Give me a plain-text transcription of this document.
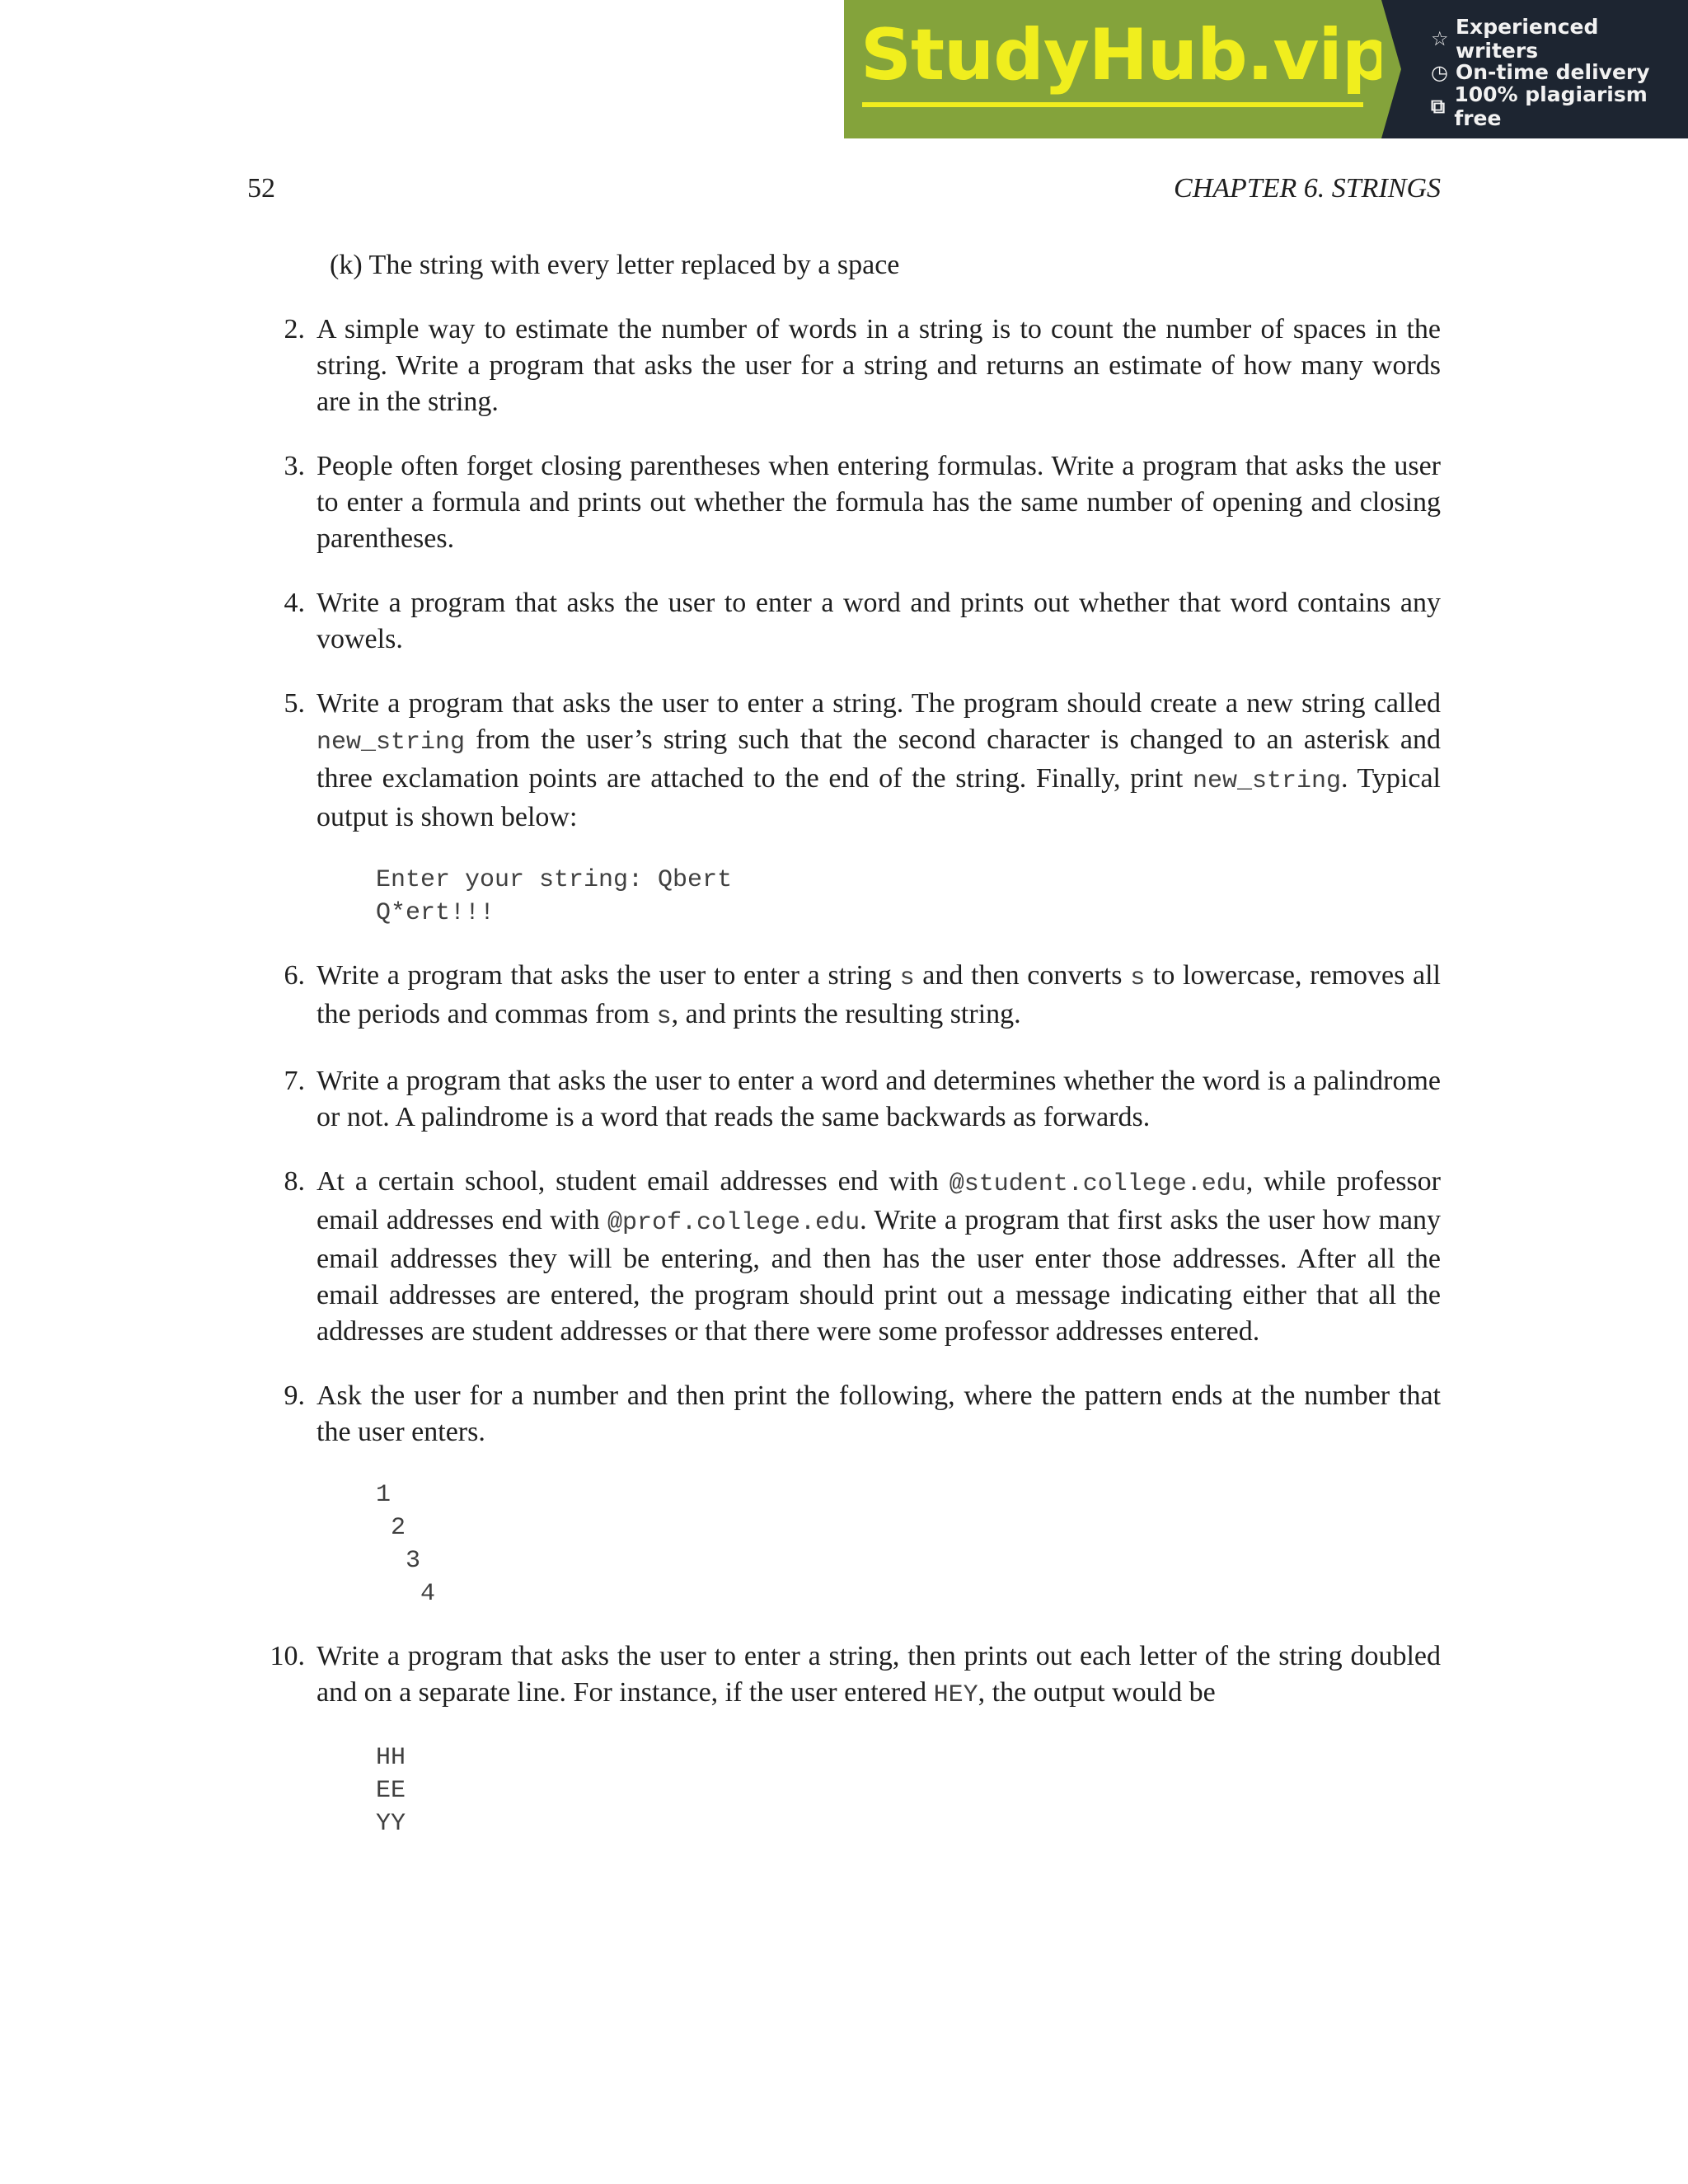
StudyHub.vip ☆ Experienced writers
◷ On-time delivery
⧉ 100% plagiarism free
52	CHAPTER 6. STRINGS
(k) The string with every letter replaced by a space
2. A simple way to estimate the number of words in a string is to count the number of spaces in the string. Write a program that asks the user for a string and returns an estimate of how many words are in the string.
3. People often forget closing parentheses when entering formulas. Write a program that asks the user to enter a formula and prints out whether the formula has the same number of opening and closing parentheses.
4. Write a program that asks the user to enter a word and prints out whether that word contains any vowels.
5. Write a program that asks the user to enter a string. The program should create a new string called new_string from the user’s string such that the second character is changed to an asterisk and three exclamation points are attached to the end of the string. Finally, print new_string. Typical output is shown below:
Enter your string: Qbert
Q*ert!!!
6. Write a program that asks the user to enter a string s and then converts s to lowercase, removes all the periods and commas from s, and prints the resulting string.
7. Write a program that asks the user to enter a word and determines whether the word is a palindrome or not. A palindrome is a word that reads the same backwards as forwards.
8. At a certain school, student email addresses end with @student.college.edu, while professor email addresses end with @prof.college.edu. Write a program that first asks the user how many email addresses they will be entering, and then has the user enter those addresses. After all the email addresses are entered, the program should print out a message indicating either that all the addresses are student addresses or that there were some professor addresses entered.
9. Ask the user for a number and then print the following, where the pattern ends at the number that the user enters.
1
2
3
4
10. Write a program that asks the user to enter a string, then prints out each letter of the string doubled and on a separate line. For instance, if the user entered HEY, the output would be
HH
EE
YY
